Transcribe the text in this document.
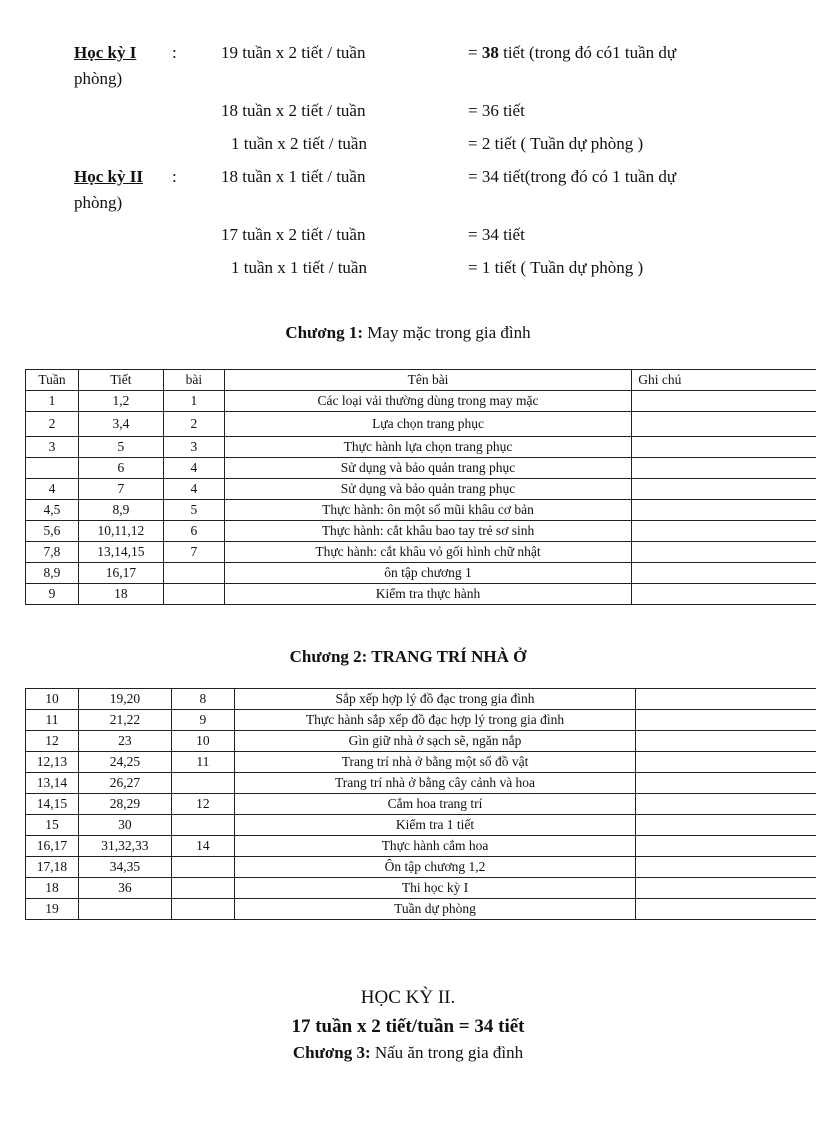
Học kỳ I :	19 tuần x 2 tiết / tuần	= 38 tiết (trong đó có1 tuần dự
phòng)
18 tuần x 2 tiết / tuần	= 36 tiết
1 tuần x 2 tiết / tuần	= 2 tiết ( Tuần dự phòng )
Học kỳ II :	18 tuần x 1 tiết / tuần	= 34 tiết(trong đó có 1 tuần dự
phòng)
17 tuần x 2 tiết / tuần	= 34 tiết
1 tuần x 1 tiết / tuần	= 1 tiết ( Tuần dự phòng )
Chương 1: May mặc trong gia đình
Tuần	Tiết	bài	Tên bài	Ghi chú
1	1,2	1	Các loại vải thường dùng trong may mặc	
2	3,4	2	Lựa chọn trang phục	
3	5	3	Thực hành lựa chọn trang phục	
	6	4	Sử dụng và bảo quản trang phục	
4	7	4	Sử dụng và bảo quản trang phục	
4,5	8,9	5	Thực hành: ôn một số mũi khâu cơ bản	
5,6	10,11,12	6	Thực hành: cắt khâu bao tay trẻ sơ sinh	
7,8	13,14,15	7	Thực hành: cắt khâu vỏ gối hình chữ nhật	
8,9	16,17		ôn tập chương 1	
9	18		Kiểm tra thực hành	
Chương 2: TRANG TRÍ NHÀ Ở
10	19,20	8	Sắp xếp hợp lý đồ đạc trong gia đình	
11	21,22	9	Thực hành sắp xếp đồ đạc hợp lý trong gia đình	
12	23	10	Gìn giữ nhà ở sạch sẽ, ngăn nắp	
12,13	24,25	11	Trang trí nhà ở bằng một số đồ vật	
13,14	26,27		Trang trí nhà ở bằng cây cảnh và hoa	
14,15	28,29	12	Cắm hoa trang trí	
15	30		Kiểm tra 1 tiết	
16,17	31,32,33	14	Thực hành cắm hoa	
17,18	34,35		Ôn tập chương 1,2	
18	36		Thi học kỳ I	
19			Tuần dự phòng	
HỌC KỲ II.
17 tuần x 2 tiết/tuần = 34 tiết
Chương 3: Nấu ăn trong gia đình
